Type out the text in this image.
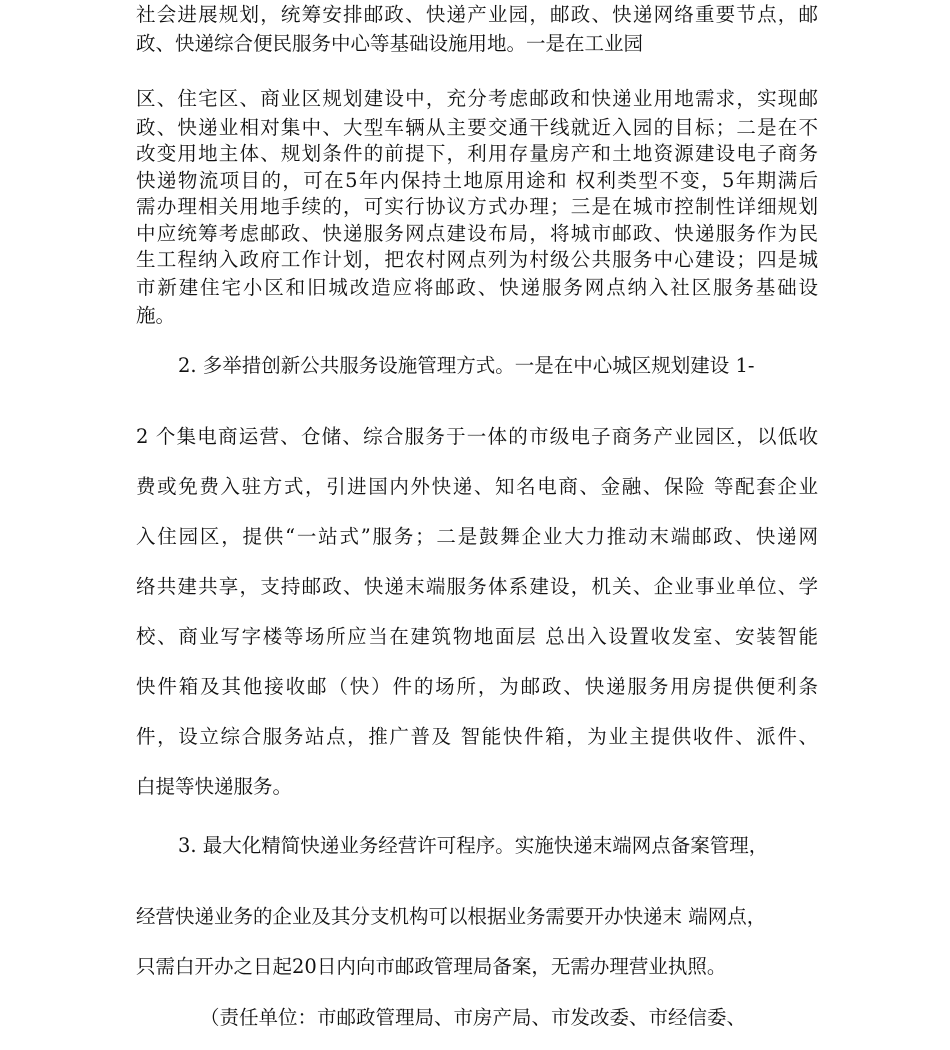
社会进展规划，统筹安排邮政、快递产业园，邮政、快递网络重要节点，邮

政、快递综合便民服务中心等基础设施用地。一是在工业园

区、住宅区、商业区规划建设中，充分考虑邮政和快递业用地需求，实现邮

政、快递业相对集中、大型车辆从主要交通干线就近入园的目标；二是在不

改变用地主体、规划条件的前提下，利用存量房产和土地资源建设电子商务

快递物流项目的，可在5年内保持土地原用途和 权利类型不变，5年期满后

需办理相关用地手续的，可实行协议方式办理；三是在城市控制性详细规划

中应统筹考虑邮政、快递服务网点建设布局，将城市邮政、快递服务作为民

生工程纳入政府工作计划，把农村网点列为村级公共服务中心建设；四是城

市新建住宅小区和旧城改造应将邮政、快递服务网点纳入社区服务基础设

施。

2. 多举措创新公共服务设施管理方式。一是在中心城区规划建设 1-

2 个集电商运营、仓储、综合服务于一体的市级电子商务产业园区，以低收

费或免费入驻方式，引进国内外快递、知名电商、金融、保险 等配套企业

入住园区，提供“一站式”服务；二是鼓舞企业大力推动末端邮政、快递网

络共建共享，支持邮政、快递末端服务体系建设，机关、企业事业单位、学

校、商业写字楼等场所应当在建筑物地面层 总出入设置收发室、安装智能

快件箱及其他接收邮（快）件的场所，为邮政、快递服务用房提供便利条

件，设立综合服务站点，推广普及 智能快件箱，为业主提供收件、派件、

白提等快递服务。

3. 最大化精简快递业务经营许可程序。实施快递末端网点备案管理，

经营快递业务的企业及其分支机构可以根据业务需要开办快递末 端网点，

只需白开办之日起20日内向市邮政管理局备案，无需办理营业执照。

（责任单位：市邮政管理局、市房产局、市发改委、市经信委、
